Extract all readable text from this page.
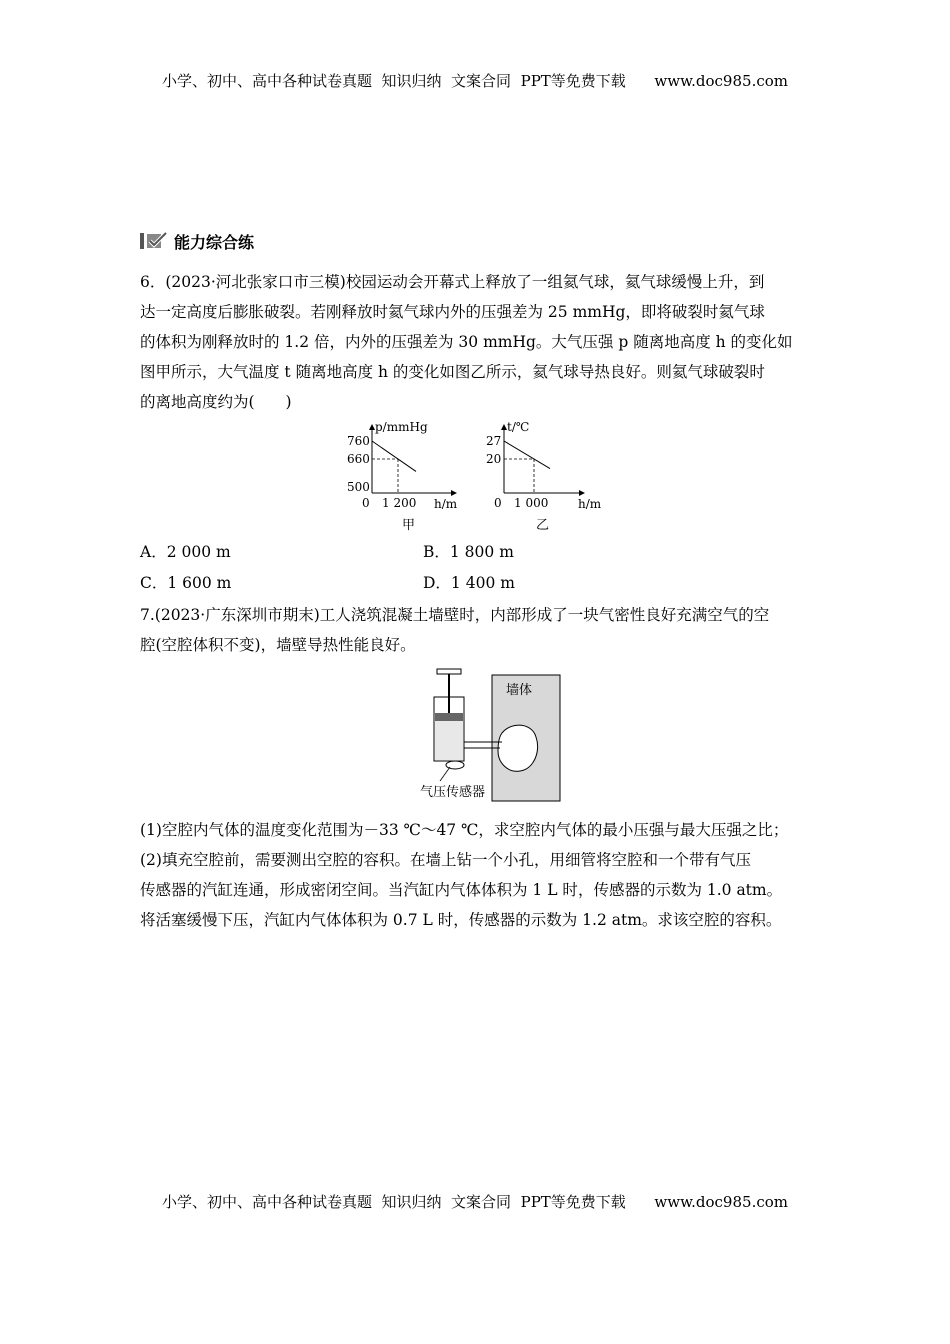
小学、初中、高中各种试卷真题  知识归纳  文案合同  PPT等免费下载      www.doc985.com
能力综合练
6．(2023·河北张家口市三模)校园运动会开幕式上释放了一组氦气球，氦气球缓慢上升，到
达一定高度后膨胀破裂。若刚释放时氦气球内外的压强差为 25 mmHg，即将破裂时氦气球
的体积为刚释放时的 1.2 倍，内外的压强差为 30 mmHg。大气压强 p 随离地高度 h 的变化如
图甲所示，大气温度 t 随离地高度 h 的变化如图乙所示，氦气球导热良好。则氦气球破裂时
的离地高度约为(　　)
p/mmHg
760
660
500
0 1 200 h/m
甲
t/℃
27
20
0 1 000 h/m
乙
A．2 000 m	B．1 800 m
C．1 600 m	D．1 400 m
7.(2023·广东深圳市期末)工人浇筑混凝土墙壁时，内部形成了一块气密性良好充满空气的空
腔(空腔体积不变)，墙壁导热性能良好。
墙体
气压传感器
(1)空腔内气体的温度变化范围为－33 ℃～47 ℃，求空腔内气体的最小压强与最大压强之比；
(2)填充空腔前，需要测出空腔的容积。在墙上钻一个小孔，用细管将空腔和一个带有气压
传感器的汽缸连通，形成密闭空间。当汽缸内气体体积为 1 L 时，传感器的示数为 1.0 atm。
将活塞缓慢下压，汽缸内气体体积为 0.7 L 时，传感器的示数为 1.2 atm。求该空腔的容积。
小学、初中、高中各种试卷真题  知识归纳  文案合同  PPT等免费下载      www.doc985.com
